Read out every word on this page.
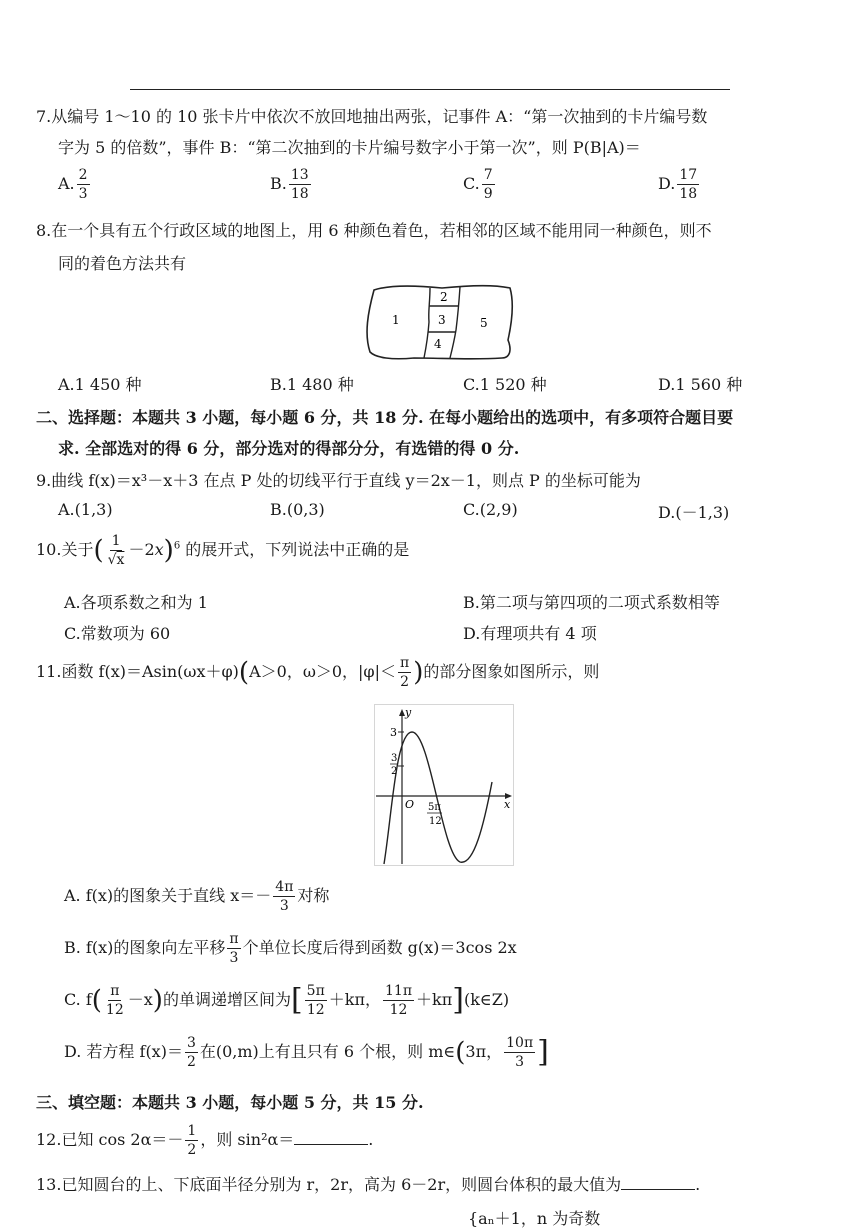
7.从编号 1～10 的 10 张卡片中依次不放回地抽出两张，记事件 A：“第一次抽到的卡片编号数
字为 5 的倍数”，事件 B：“第二次抽到的卡片编号数字小于第一次”，则 P(B|A)＝
A. $\frac{2}{3}$	B. $\frac{13}{18}$	C. $\frac{7}{9}$	D. $\frac{17}{18}$
8.在一个具有五个行政区域的地图上，用 6 种颜色着色，若相邻的区域不能用同一种颜色，则不
同的着色方法共有
1
2
3
4
5
A.1 450 种	B.1 480 种	C.1 520 种	D.1 560 种
二、选择题：本题共 3 小题，每小题 6 分，共 18 分. 在每小题给出的选项中，有多项符合题目要
求. 全部选对的得 6 分，部分选对的得部分分，有选错的得 0 分.
9.曲线 f(x)＝x³－x＋3 在点 P 处的切线平行于直线 y＝2x－1，则点 P 的坐标可能为
A.(1,3)	B.(0,3)	C.(2,9)	D.(－1,3)
10.关于( $\frac{1}{√x} -2x)^6$ 的展开式，下列说法中正确的是
A.各项系数之和为 1	B.第二项与第四项的二项式系数相等
C.常数项为 60	D.有理项共有 4 项
11.函数 f(x)＝Asin(ωx＋φ)(A＞0，ω＞0，$|\varphi|< \frac{\pi}{2}$ )的部分图象如图所示，则
y
x
O
3
3
2
5π
12
A. f(x)的图象关于直线 $x=- \frac{4\pi}{3}$ 对称
B. f(x)的图象向左平移 $\frac{\pi}{3}$ 个单位长度后得到函数 g(x)＝3cos 2x
C. $f( \frac{\pi}{12} -x)$的单调递增区间为[ $\frac{5\pi}{12} +k\pi$， $\frac{11\pi}{12}$ ＋kπ](k∈Z)
D. 若方程 $f(x)= \frac{3}{2}$ 在(0,m)上有且只有 6 个根，则 m∈(3π， $\frac{10\pi}{3}$ ]
三、填空题：本题共 3 小题，每小题 5 分，共 15 分.
12.已知 $\cos 2\alpha=- \frac{1}{2}$ ，则 sin²α＝	.
13.已知圆台的上、下底面半径分别为 r，2r，高为 6－2r，则圆台体积的最大值为	.
{aₙ＋1，n 为奇数
